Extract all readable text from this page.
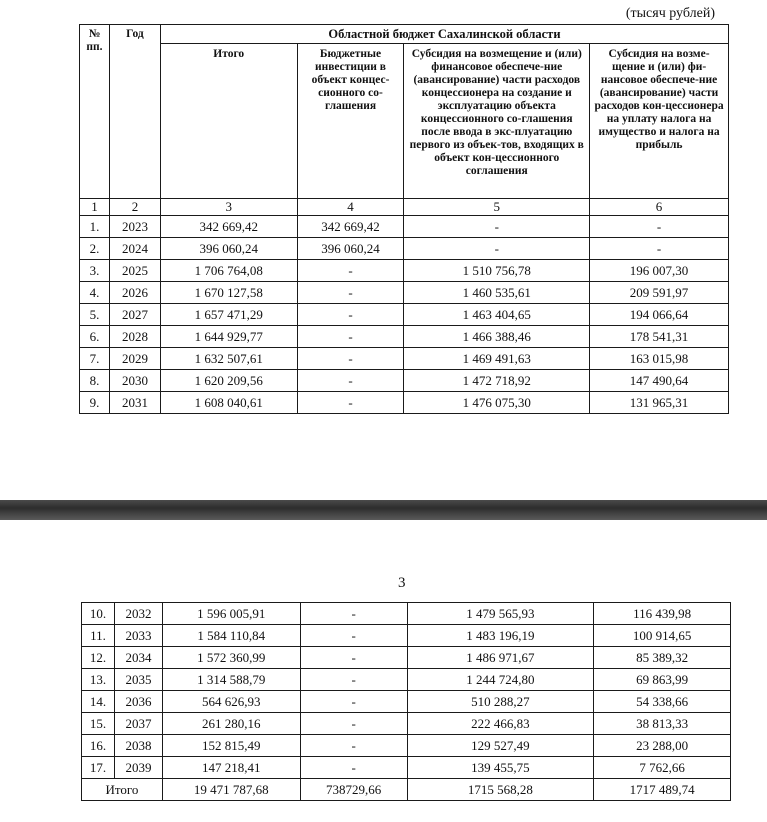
(тысяч рублей)
№
пп.	Год	Областной бюджет Сахалинской области			
		Итого	Бюджетные инвестиции в объект концес-сионного со-глашения	Субсидия на возмещение и (или) финансовое обеспече-ние (авансирование) части расходов концессионера на создание и эксплуатацию объекта концессионного со-глашения после ввода в экс-плуатацию первого из объек-тов, входящих в объект кон-цессионного соглашения	Субсидия на возме-щение и (или) фи-нансовое обеспече-ние (авансирование) части расходов кон-цессионера на уплату налога на имущество и налога на прибыль
1	2	3	4	5	6
1.	2023	342 669,42	342 669,42	-	-
2.	2024	396 060,24	396 060,24	-	-
3.	2025	1 706 764,08	-	1 510 756,78	196 007,30
4.	2026	1 670 127,58	-	1 460 535,61	209 591,97
5.	2027	1 657 471,29	-	1 463 404,65	194 066,64
6.	2028	1 644 929,77	-	1 466 388,46	178 541,31
7.	2029	1 632 507,61	-	1 469 491,63	163 015,98
8.	2030	1 620 209,56	-	1 472 718,92	147 490,64
9.	2031	1 608 040,61	-	1 476 075,30	131 965,31
3
10.	2032	1 596 005,91	-	1 479 565,93	116 439,98
11.	2033	1 584 110,84	-	1 483 196,19	100 914,65
12.	2034	1 572 360,99	-	1 486 971,67	85 389,32
13.	2035	1 314 588,79	-	1 244 724,80	69 863,99
14.	2036	564 626,93	-	510 288,27	54 338,66
15.	2037	261 280,16	-	222 466,83	38 813,33
16.	2038	152 815,49	-	129 527,49	23 288,00
17.	2039	147 218,41	-	139 455,75	7 762,66
Итого		19 471 787,68	738729,66	1715 568,28	1717 489,74
